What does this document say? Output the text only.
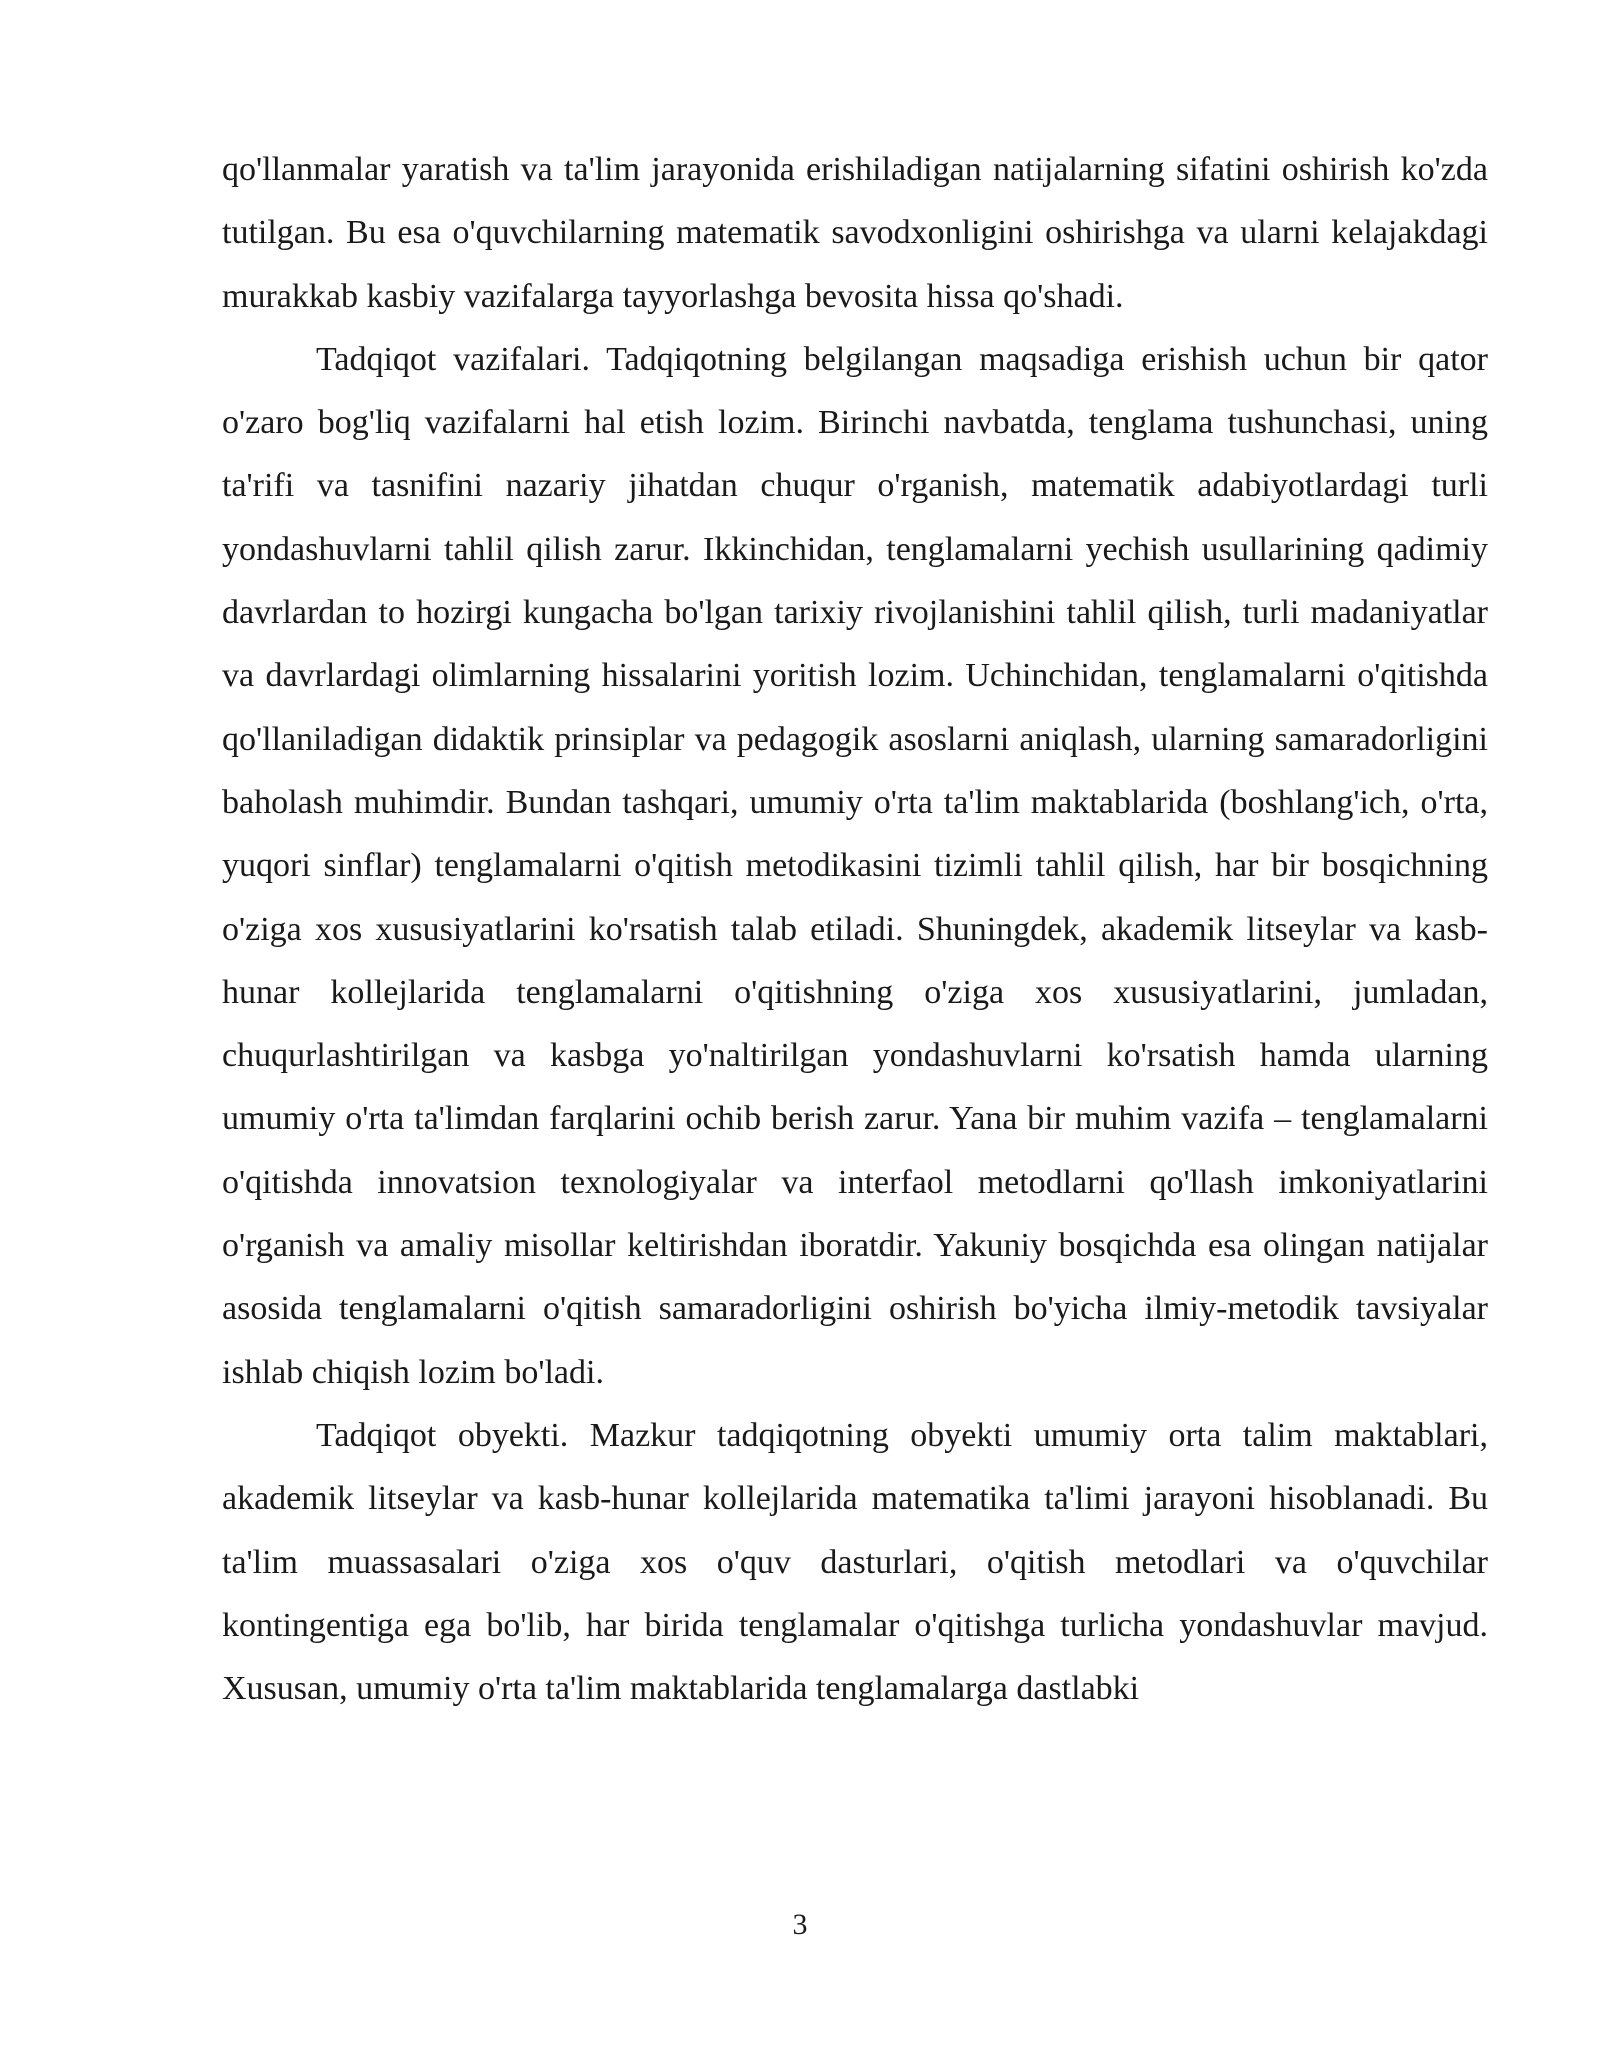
qo'llanmalar yaratish va ta'lim jarayonida erishiladigan natijalarning sifatini oshirish ko'zda tutilgan. Bu esa o'quvchilarning matematik savodxonligini oshirishga va ularni kelajakdagi murakkab kasbiy vazifalarga tayyorlashga bevosita hissa qo'shadi.

Tadqiqot vazifalari. Tadqiqotning belgilangan maqsadiga erishish uchun bir qator o'zaro bog'liq vazifalarni hal etish lozim. Birinchi navbatda, tenglama tushunchasi, uning ta'rifi va tasnifini nazariy jihatdan chuqur o'rganish, matematik adabiyotlardagi turli yondashuvlarni tahlil qilish zarur. Ikkinchidan, tenglamalarni yechish usullarining qadimiy davrlardan to hozirgi kungacha bo'lgan tarixiy rivojlanishini tahlil qilish, turli madaniyatlar va davrlardagi olimlarning hissalarini yoritish lozim. Uchinchidan, tenglamalarni o'qitishda qo'llaniladigan didaktik prinsiplar va pedagogik asoslarni aniqlash, ularning samaradorligini baholash muhimdir. Bundan tashqari, umumiy o'rta ta'lim maktablarida (boshlang'ich, o'rta, yuqori sinflar) tenglamalarni o'qitish metodikasini tizimli tahlil qilish, har bir bosqichning o'ziga xos xususiyatlarini ko'rsatish talab etiladi. Shuningdek, akademik litseylar va kasb-hunar kollejlarida tenglamalarni o'qitishning o'ziga xos xususiyatlarini, jumladan, chuqurlashtirilgan va kasbga yo'naltirilgan yondashuvlarni ko'rsatish hamda ularning umumiy o'rta ta'limdan farqlarini ochib berish zarur. Yana bir muhim vazifa – tenglamalarni o'qitishda innovatsion texnologiyalar va interfaol metodlarni qo'llash imkoniyatlarini o'rganish va amaliy misollar keltirishdan iboratdir. Yakuniy bosqichda esa olingan natijalar asosida tenglamalarni o'qitish samaradorligini oshirish bo'yicha ilmiy-metodik tavsiyalar ishlab chiqish lozim bo'ladi.

Tadqiqot obyekti. Mazkur tadqiqotning obyekti umumiy orta talim maktablari, akademik litseylar va kasb-hunar kollejlarida matematika ta'limi jarayoni hisoblanadi. Bu ta'lim muassasalari o'ziga xos o'quv dasturlari, o'qitish metodlari va o'quvchilar kontingentiga ega bo'lib, har birida tenglamalar o'qitishga turlicha yondashuvlar mavjud. Xususan, umumiy o'rta ta'lim maktablarida tenglamalarga dastlabki

3
